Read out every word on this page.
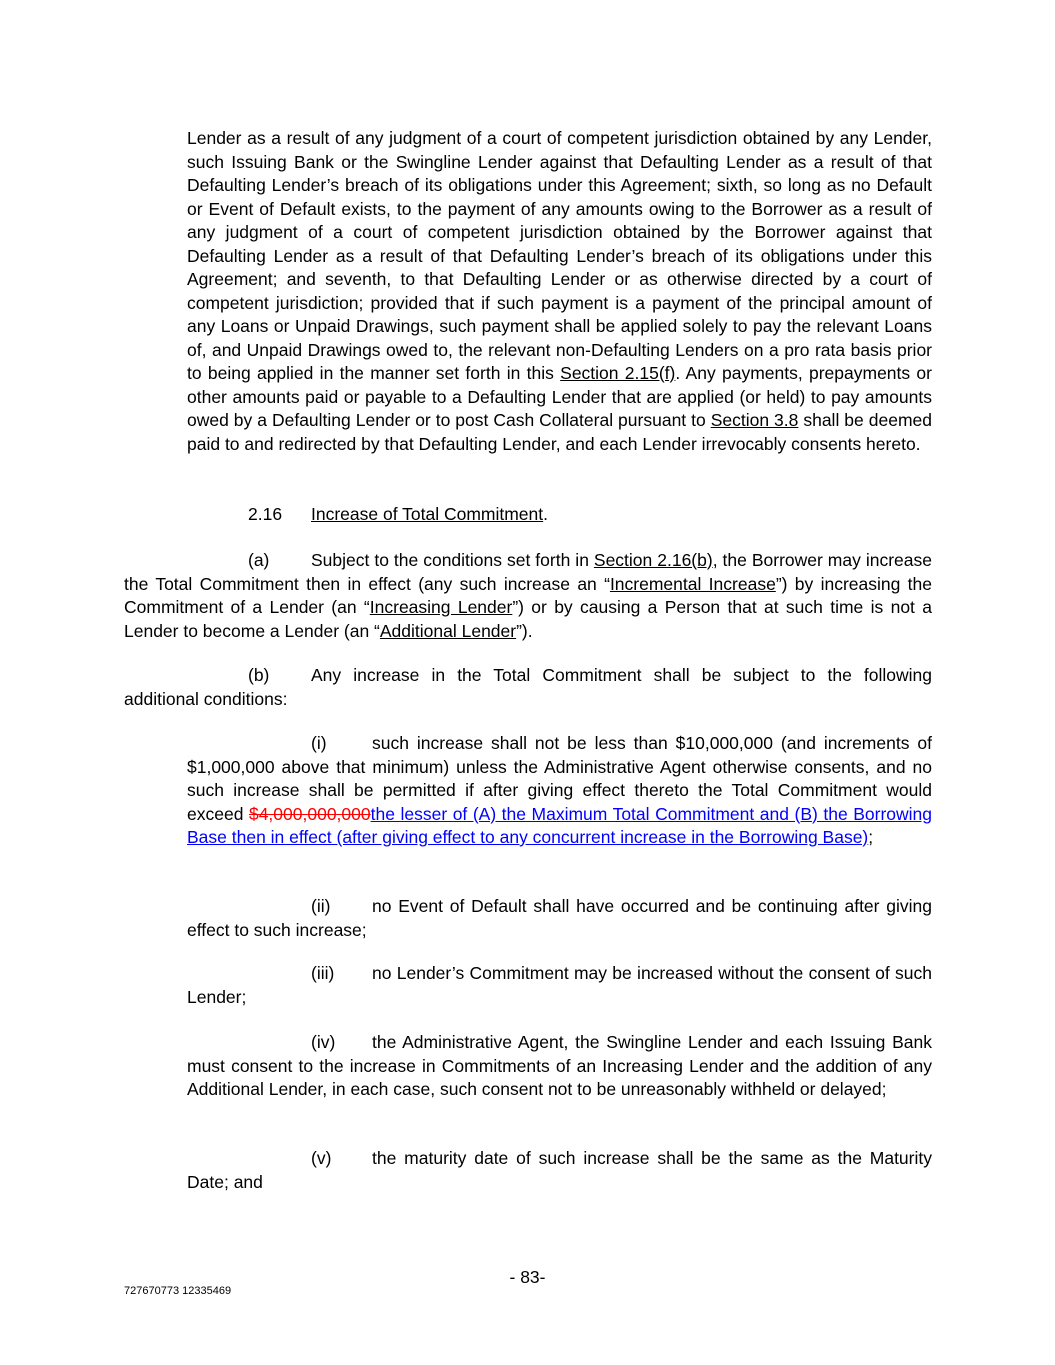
Lender as a result of any judgment of a court of competent jurisdiction obtained by any Lender, such Issuing Bank or the Swingline Lender against that Defaulting Lender as a result of that Defaulting Lender’s breach of its obligations under this Agreement; sixth, so long as no Default or Event of Default exists, to the payment of any amounts owing to the Borrower as a result of any judgment of a court of competent jurisdiction obtained by the Borrower against that Defaulting Lender as a result of that Defaulting Lender’s breach of its obligations under this Agreement; and seventh, to that Defaulting Lender or as otherwise directed by a court of competent jurisdiction; provided that if such payment is a payment of the principal amount of any Loans or Unpaid Drawings, such payment shall be applied solely to pay the relevant Loans of, and Unpaid Drawings owed to, the relevant non-Defaulting Lenders on a pro rata basis prior to being applied in the manner set forth in this Section 2.15(f). Any payments, prepayments or other amounts paid or payable to a Defaulting Lender that are applied (or held) to pay amounts owed by a Defaulting Lender or to post Cash Collateral pursuant to Section 3.8 shall be deemed paid to and redirected by that Defaulting Lender, and each Lender irrevocably consents hereto.

2.16 Increase of Total Commitment.

(a) Subject to the conditions set forth in Section 2.16(b), the Borrower may increase the Total Commitment then in effect (any such increase an “Incremental Increase”) by increasing the Commitment of a Lender (an “Increasing Lender”) or by causing a Person that at such time is not a Lender to become a Lender (an “Additional Lender”).

(b) Any increase in the Total Commitment shall be subject to the following additional conditions:

(i)	such increase shall not be less than $10,000,000 (and increments of $1,000,000 above that minimum) unless the Administrative Agent otherwise consents, and no such increase shall be permitted if after giving effect thereto the Total Commitment would exceed $4,000,000,000the lesser of (A) the Maximum Total Commitment and (B) the Borrowing Base then in effect (after giving effect to any concurrent increase in the Borrowing Base);

(ii) no Event of Default shall have occurred and be continuing after giving effect to such increase;

(iii) no Lender’s Commitment may be increased without the consent of such Lender;

(iv) the Administrative Agent, the Swingline Lender and each Issuing Bank must consent to the increase in Commitments of an Increasing Lender and the addition of any Additional Lender, in each case, such consent not to be unreasonably withheld or delayed;

(v) the maturity date of such increase shall be the same as the Maturity Date; and

- 83-
727670773 12335469
